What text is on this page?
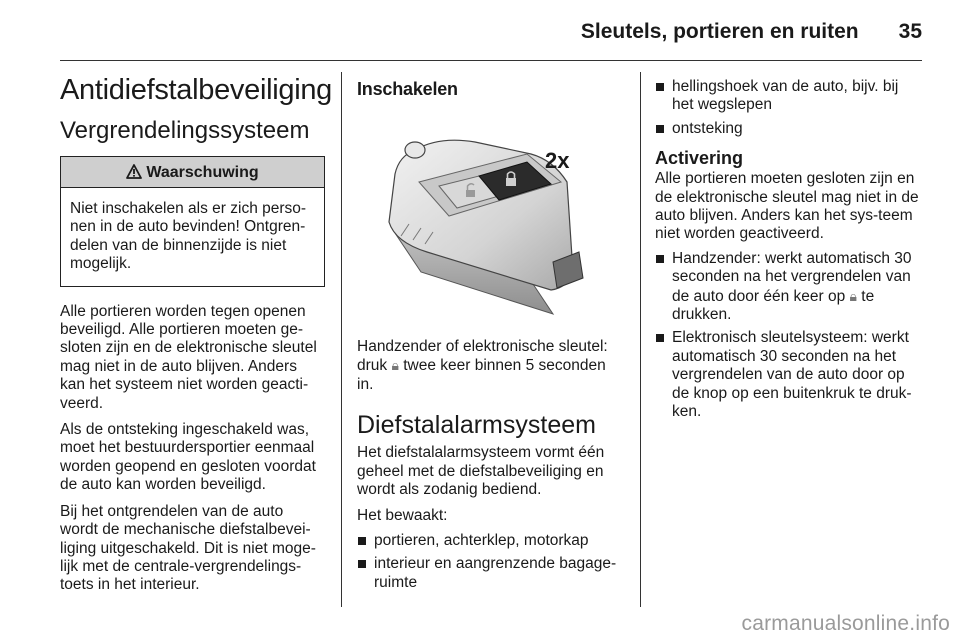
Sleutels, portieren en ruiten 35
Antidiefstalbeveiliging
Vergrendelingssysteem
Waarschuwing
Niet inschakelen als er zich perso-nen in de auto bevinden! Ontgren-delen van de binnenzijde is niet mogelijk.

Alle portieren worden tegen openen beveiligd. Alle portieren moeten ge-sloten zijn en de elektronische sleutel mag niet in de auto blijven. Anders kan het systeem niet worden geacti-veerd.

Als de ontsteking ingeschakeld was, moet het bestuurdersportier eenmaal worden geopend en gesloten voordat de auto kan worden beveiligd.

Bij het ontgrendelen van de auto wordt de mechanische diefstalbevei-liging uitgeschakeld. Dit is niet moge-lijk met de centrale-vergrendelings-toets in het interieur.

Inschakelen
2x

Handzender of elektronische sleutel: druk 🔒︎ twee keer binnen 5 seconden in.

Diefstalalarmsysteem

Het diefstalalarmsysteem vormt één geheel met de diefstalbeveiliging en wordt als zodanig bediend.

Het bewaakt:

portieren, achterklep, motorkap
interieur en aangrenzende bagage-ruimte
hellingshoek van de auto, bijv. bij het wegslepen
ontsteking
Activering

Alle portieren moeten gesloten zijn en de elektronische sleutel mag niet in de auto blijven. Anders kan het sys-teem niet worden geactiveerd.

Handzender: werkt automatisch 30 seconden na het vergrendelen van de auto door één keer op 🔒︎ te drukken.
Elektronisch sleutelsysteem: werkt automatisch 30 seconden na het vergrendelen van de auto door op de knop op een buitenkruk te druk-ken.
carmanualsonline.info
